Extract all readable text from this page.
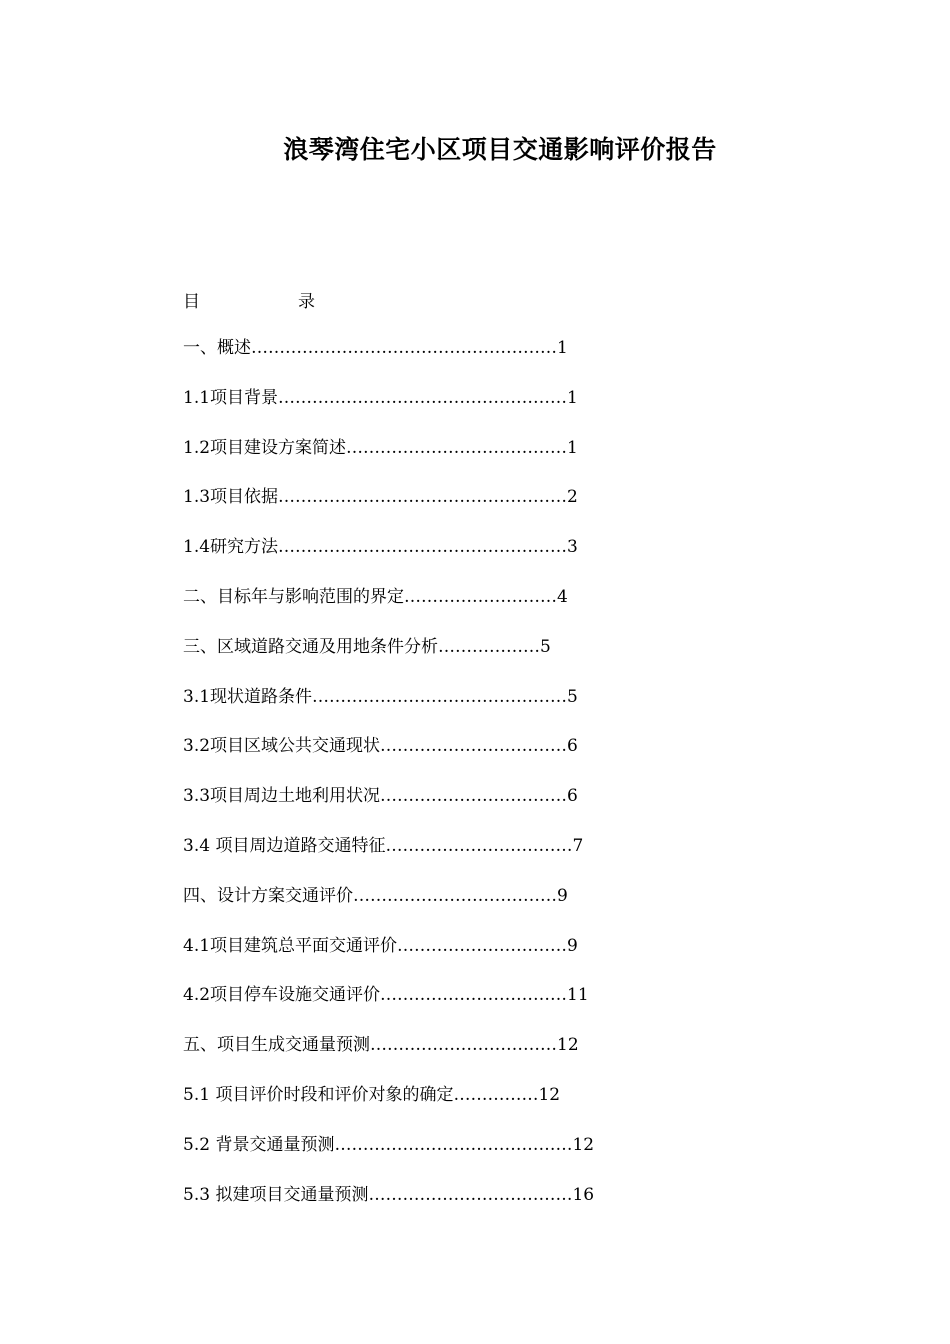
浪琴湾住宅小区项目交通影响评价报告
目	录
一、概述………………………………………………1
1.1项目背景……………………………………………1
1.2项目建设方案简述…………………………………1
1.3项目依据……………………………………………2
1.4研究方法……………………………………………3
二、目标年与影响范围的界定………………………4
三、区域道路交通及用地条件分析………………5
3.1现状道路条件………………………………………5
3.2项目区域公共交通现状……………………………6
3.3项目周边土地利用状况……………………………6
3.4 项目周边道路交通特征……………………………7
四、设计方案交通评价………………………………9
4.1项目建筑总平面交通评价…………………………9
4.2项目停车设施交通评价……………………………11
五、项目生成交通量预测……………………………12
5.1 项目评价时段和评价对象的确定……………12
5.2 背景交通量预测……………………………………12
5.3 拟建项目交通量预测………………………………16
